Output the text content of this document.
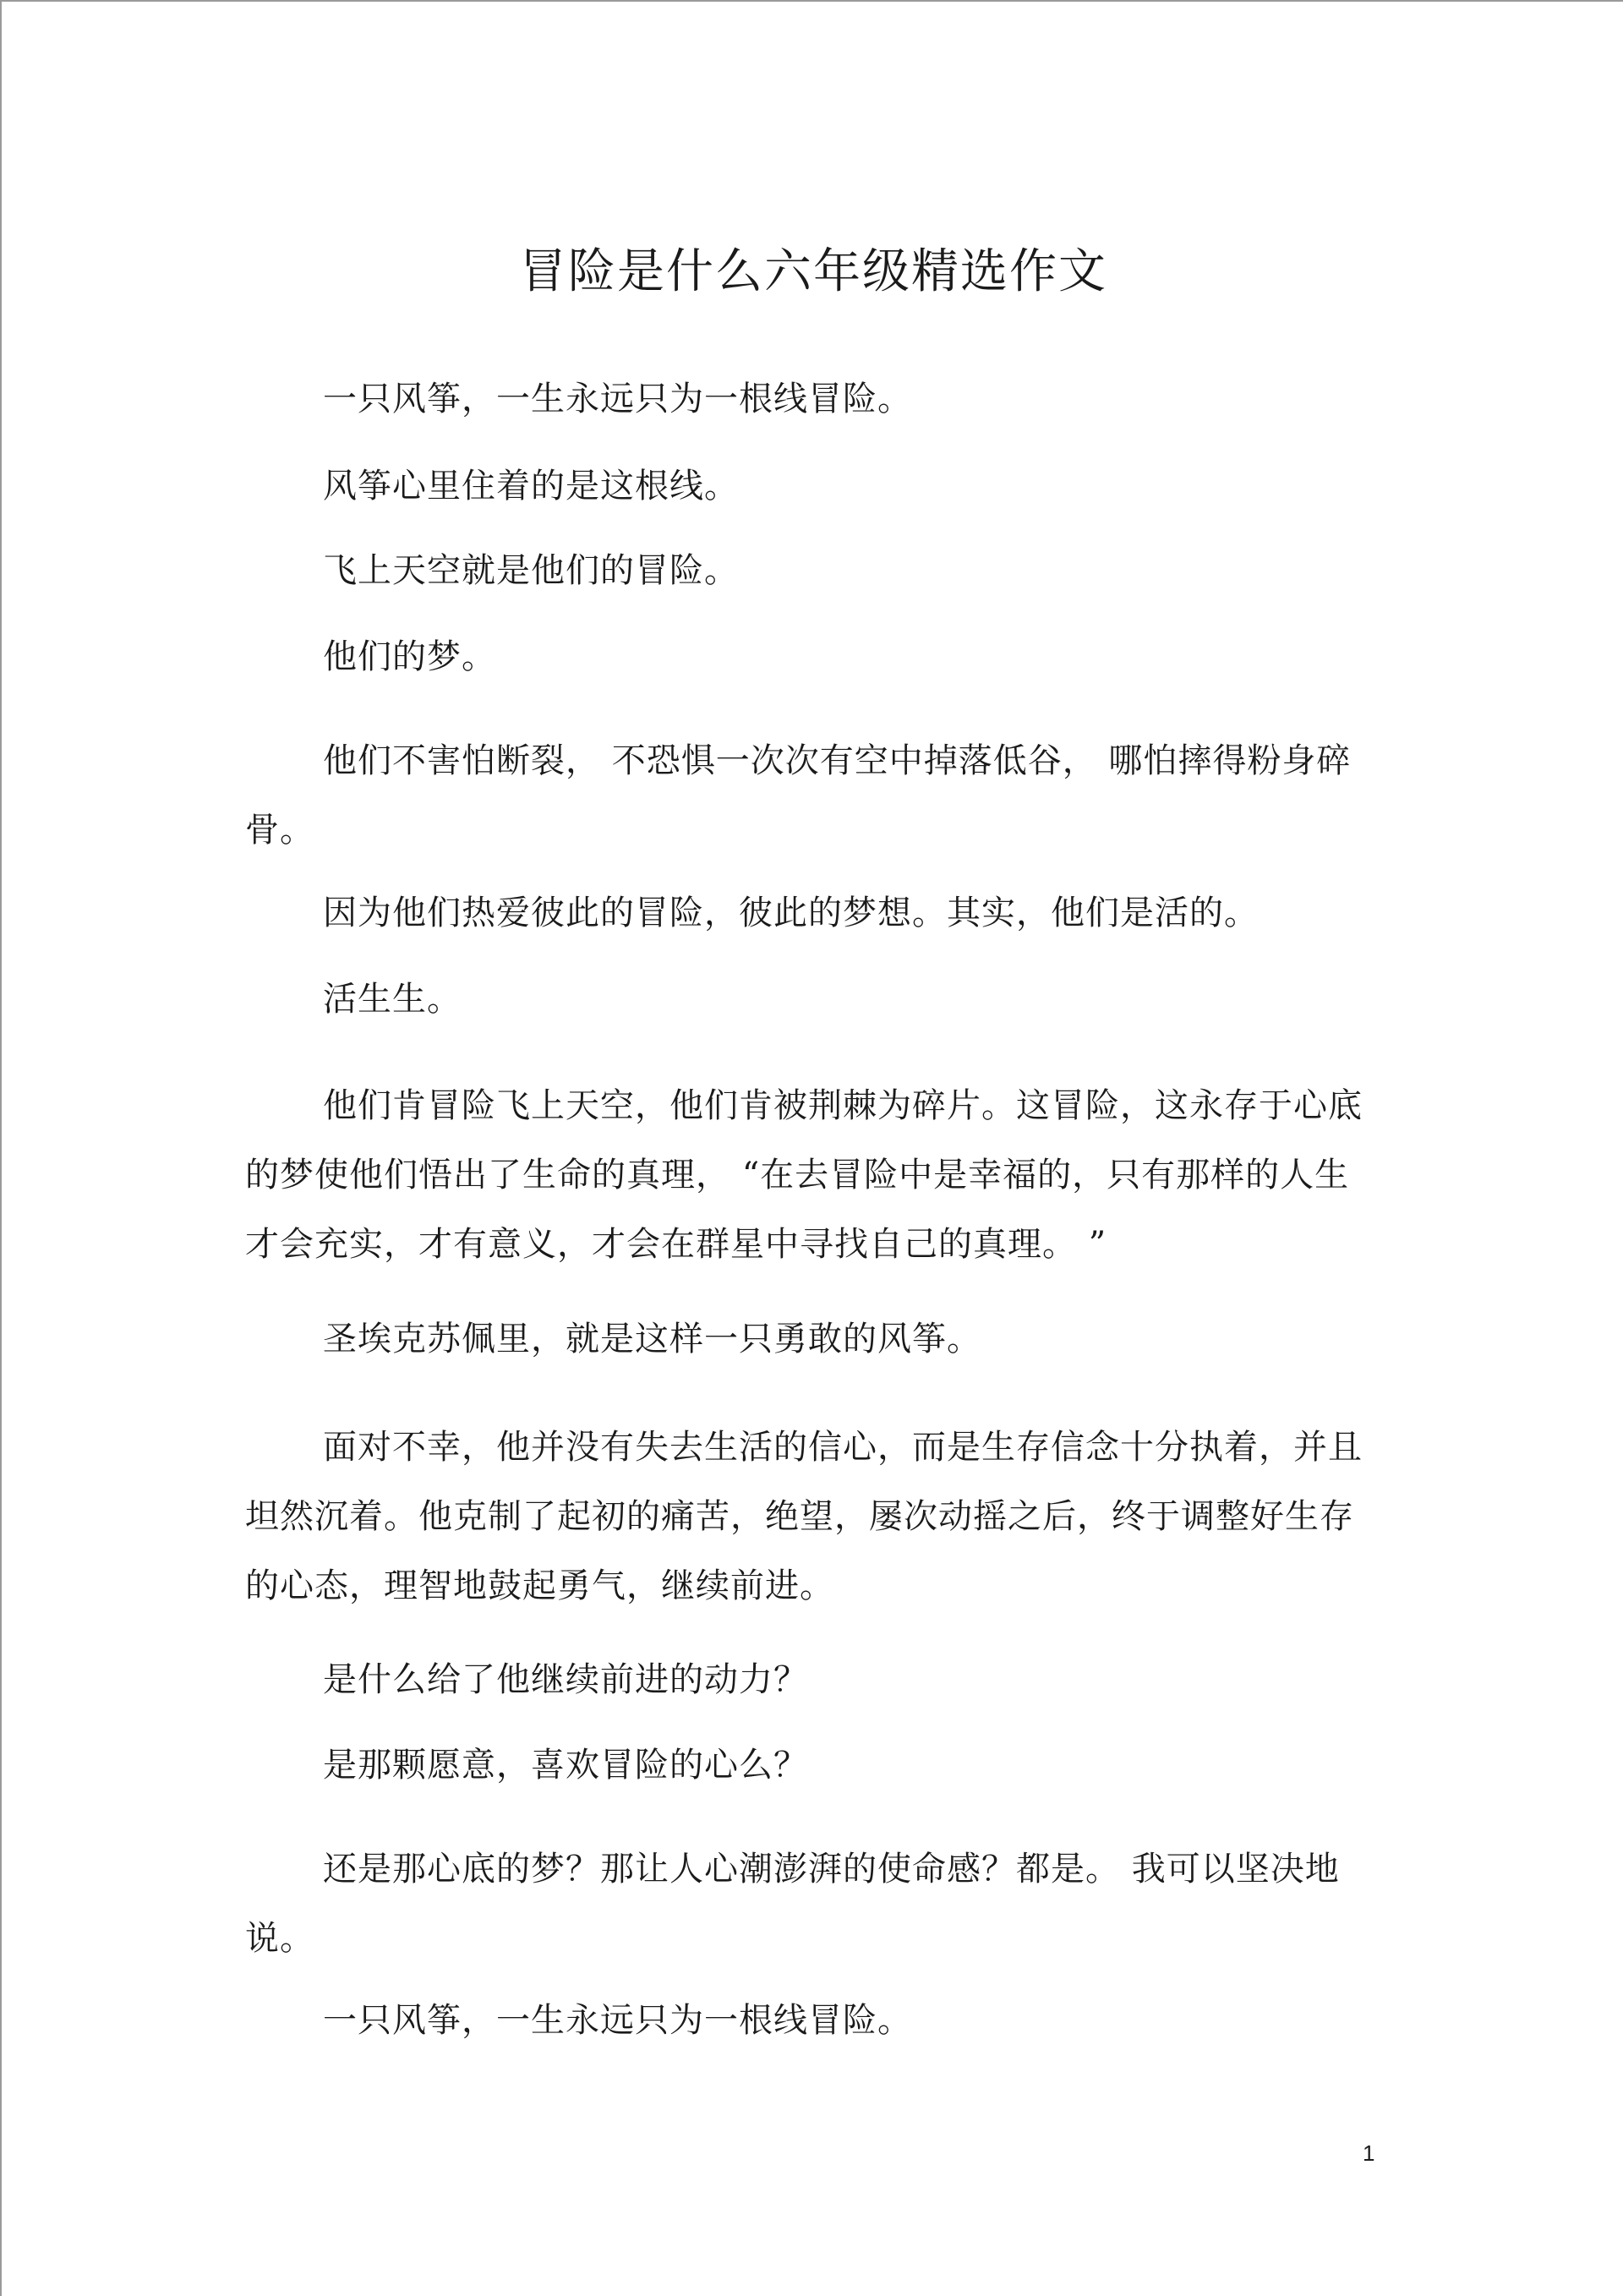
冒险是什么六年级精选作文

一只风筝，一生永远只为一根线冒险。

风筝心里住着的是这根线。

飞上天空就是他们的冒险。

他们的梦。

他们不害怕断裂， 不恐惧一次次有空中掉落低谷， 哪怕摔得粉身碎骨。

因为他们热爱彼此的冒险，彼此的梦想。其实，他们是活的。

活生生。

他们肯冒险飞上天空，他们肯被荆棘为碎片。这冒险，这永存于心底的梦使他们悟出了生命的真理， “在去冒险中是幸福的，只有那样的人生才会充实，才有意义，才会在群星中寻找自己的真理。 ”

圣埃克苏佩里，就是这样一只勇敢的风筝。

面对不幸，他并没有失去生活的信心，而是生存信念十分执着，并且坦然沉着。他克制了起初的痛苦，绝望，屡次动摇之后，终于调整好生存的心态，理智地鼓起勇气，继续前进。

是什么给了他继续前进的动力？

是那颗愿意，喜欢冒险的心么？

还是那心底的梦？那让人心潮澎湃的使命感？都是。 我可以坚决地说。

一只风筝，一生永远只为一根线冒险。

1
